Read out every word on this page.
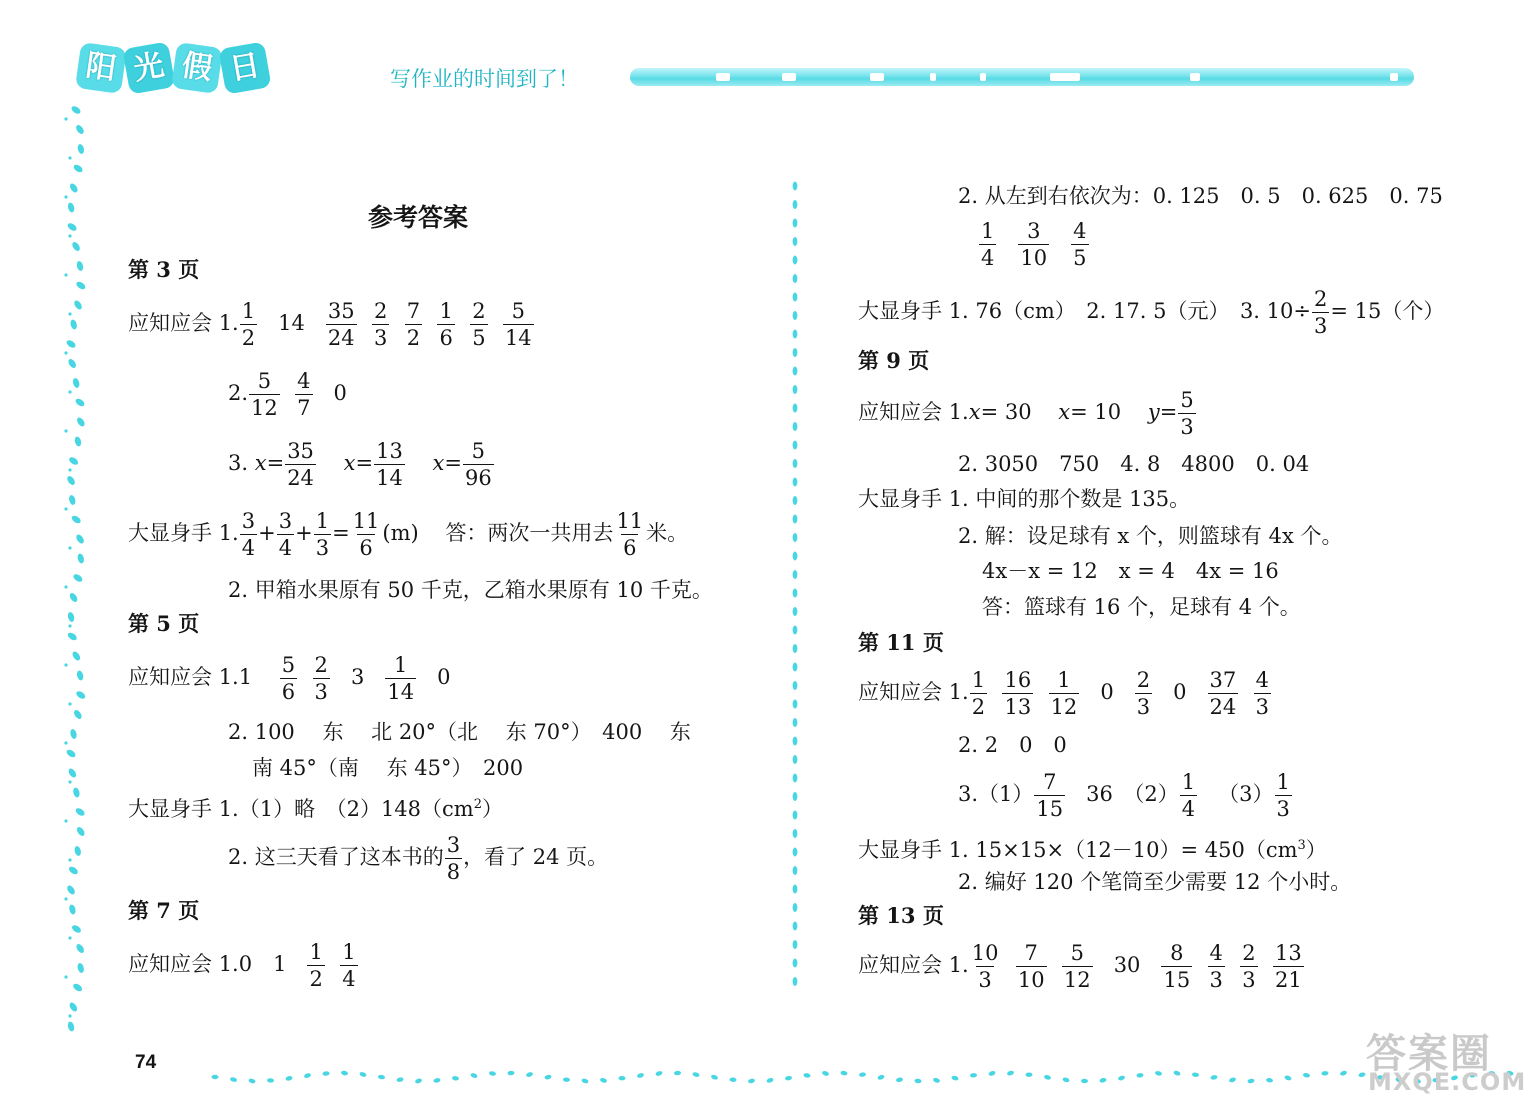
阳 光 假 日	写作业的时间到了！
参考答案
第 3 页
应知应会 1. $\frac{1}{2} 14 \frac{35}{24}$
$\frac{2}{3}$
$\frac{7}{2}$
$\frac{1}{6}$
$\frac{2}{5}$
$\frac{5}{14}$
2. $\frac{5}{12}$
$\frac{4}{7} 0$
3. $x= \frac{35}{24} x= \frac{13}{14} x= \frac{5}{96}$
大显身手 1. $\frac{3}{4} + \frac{3}{4} + \frac{1}{3} = \frac{11}{6} (m)$ 答：两次一共用去 $\frac{11}{6}$ 米。
2. 甲箱水果原有 50 千克，乙箱水果原有 10 千克。
第 5 页
应知应会 $1.1 \frac{5}{6}$
$\frac{2}{3} 3 \frac{1}{14} 0$
2. 100　 东　 北 20°（北　 东 70°）　400　 东
南 45°（南　 东 45°）　200
大显身手 1.（1）略　$(2)148(cm^2)$
2. 这三天看了这本书的 $\frac{3}{8}$ ，看了 24 页。
第 7 页
应知应会 1.0　$1 \frac{1}{2}$
$\frac{1}{4}$
2. 从左到右依次为：0. 125　0. 5　0. 625　0. 75
$\frac{1}{4}$
$\frac{3}{10}$
$\frac{4}{5}$
大显身手 1. 76（cm）　2. 17. 5（元）　3. $10\div \frac{2}{3} = 15$（个）
第 9 页
应知应会 1.x= 30 x= 10 $y= \frac{5}{3}$
2. 3050　750　4. 8　4800　0. 04
大显身手 1. 中间的那个数是 135。
2. 解：设足球有 x 个，则篮球有 4x 个。
4x－x = 12　x = 4　4x = 16
答：篮球有 16 个，足球有 4 个。
第 11 页
应知应会 1. $\frac{1}{2}$
$\frac{16}{13}$
$\frac{1}{12} 0 \frac{2}{3} 0 \frac{37}{24}$
$\frac{4}{3}$
2. 2　0　0
$3.(1) \frac{7}{15} 36$　$(2) \frac{1}{4} (3) \frac{1}{3}$
大显身手 1. $15\times 15\times(12-10)= 450(cm^3)$
2. 编好 120 个笔筒至少需要 12 个小时。
第 13 页
应知应会 1. $\frac{10}{3}$
$\frac{7}{10}$
$\frac{5}{12} 30 \frac{8}{15}$
$\frac{4}{3}$
$\frac{2}{3}$
$\frac{13}{21}$
74	答案圈
MXQE.COM
